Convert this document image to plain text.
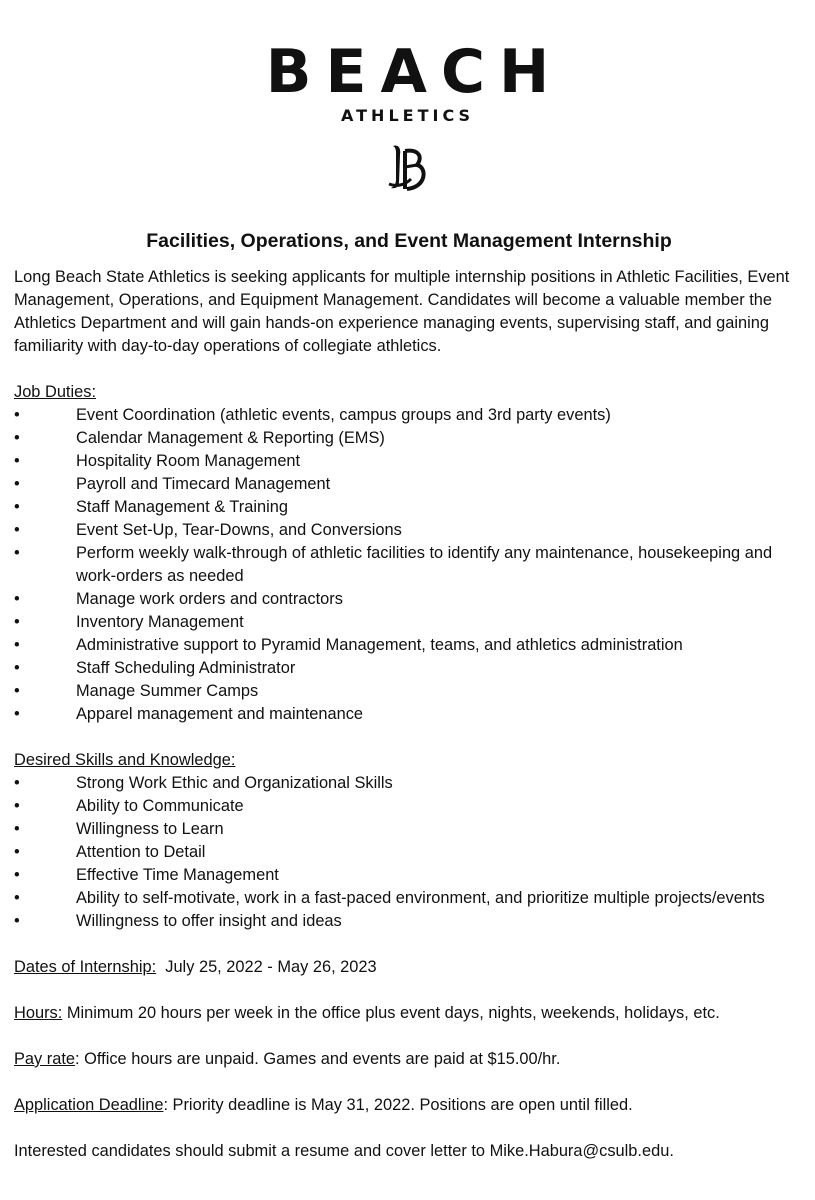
BEACH
ATHLETICS
Facilities, Operations, and Event Management Internship

Long Beach State Athletics is seeking applicants for multiple internship positions in Athletic Facilities, Event Management, Operations, and Equipment Management. Candidates will become a valuable member the Athletics Department and will gain hands-on experience managing events, supervising staff, and gaining familiarity with day-to-day operations of collegiate athletics.

Job Duties:

•	Event Coordination (athletic events, campus groups and 3rd party events)
•	Calendar Management & Reporting (EMS)
•	Hospitality Room Management
•	Payroll and Timecard Management
•	Staff Management & Training
•	Event Set-Up, Tear-Downs, and Conversions
•	Perform weekly walk-through of athletic facilities to identify any maintenance, housekeeping and work-orders as needed
•	Manage work orders and contractors
•	Inventory Management
•	Administrative support to Pyramid Management, teams, and athletics administration
•	Staff Scheduling Administrator
•	Manage Summer Camps
•	Apparel management and maintenance

Desired Skills and Knowledge:

•	Strong Work Ethic and Organizational Skills
•	Ability to Communicate
•	Willingness to Learn
•	Attention to Detail
•	Effective Time Management
•	Ability to self-motivate, work in a fast-paced environment, and prioritize multiple projects/events
•	Willingness to offer insight and ideas

Dates of Internship: July 25, 2022 - May 26, 2023

Hours: Minimum 20 hours per week in the office plus event days, nights, weekends, holidays, etc.

Pay rate: Office hours are unpaid. Games and events are paid at $15.00/hr.

Application Deadline: Priority deadline is May 31, 2022. Positions are open until filled.

Interested candidates should submit a resume and cover letter to Mike.Habura@csulb.edu.
